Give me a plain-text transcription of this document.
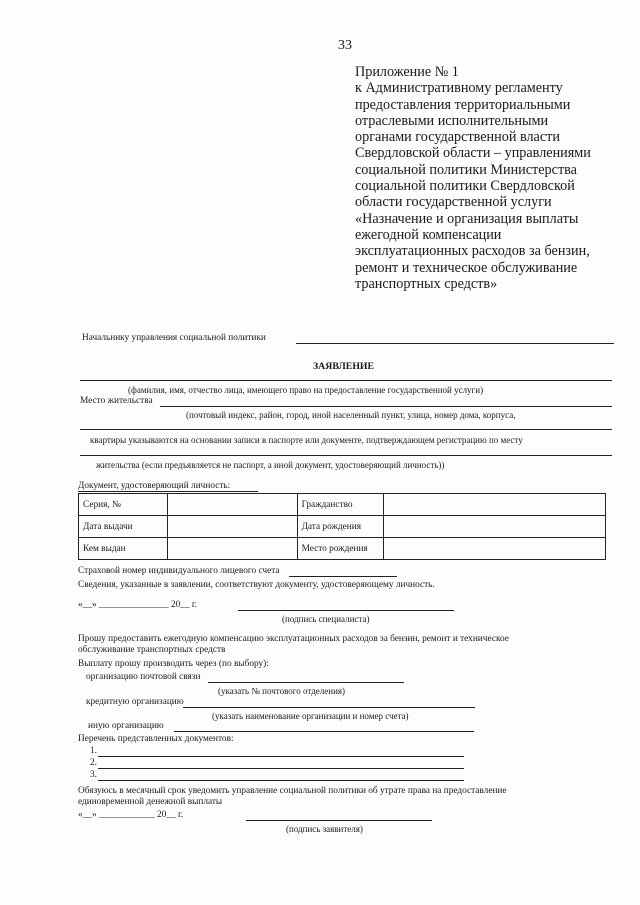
33
Приложение № 1
к Административному регламенту
предоставления территориальными
отраслевыми исполнительными
органами государственной власти
Свердловской области – управлениями
социальной политики Министерства
социальной политики Свердловской
области государственной услуги
«Назначение и организация выплаты
ежегодной компенсации
эксплуатационных расходов за бензин,
ремонт и техническое обслуживание
транспортных средств»
Начальнику управления социальной политики
ЗАЯВЛЕНИЕ
(фамилия, имя, отчество лица, имеющего право на предоставление государственной услуги)
Место жительства
(почтовый индекс, район, город, иной населенный пункт, улица, номер дома, корпуса,
квартиры указываются на основании записи в паспорте или документе, подтверждающем регистрацию по месту
жительства (если предъявляется не паспорт, а иной документ, удостоверяющий личность))
Документ, удостоверяющий личность:
Серия, №		Гражданство	
Дата выдачи		Дата рождения	
Кем выдан		Место рождения	
Страховой номер индивидуального лицевого счета
Сведения, указанные в заявлении, соответствуют документу, удостоверяющему личность.
«__» _______________ 20__ г.
(подпись специалиста)
Прошу предоставить ежегодную компенсацию эксплуатационных расходов за бензин, ремонт и техническое
обслуживание транспортных средств
Выплату прошу производить через (по выбору):
организацию почтовой связи
(указать № почтового отделения)
кредитную организацию
(указать наименование организации и номер счета)
иную организацию
Перечень представленных документов:
1.
2.
3.
Обязуюсь в месячный срок уведомить управление социальной политики об утрате права на предоставление
единовременной денежной выплаты
«__» ____________ 20__ г.
(подпись заявителя)
